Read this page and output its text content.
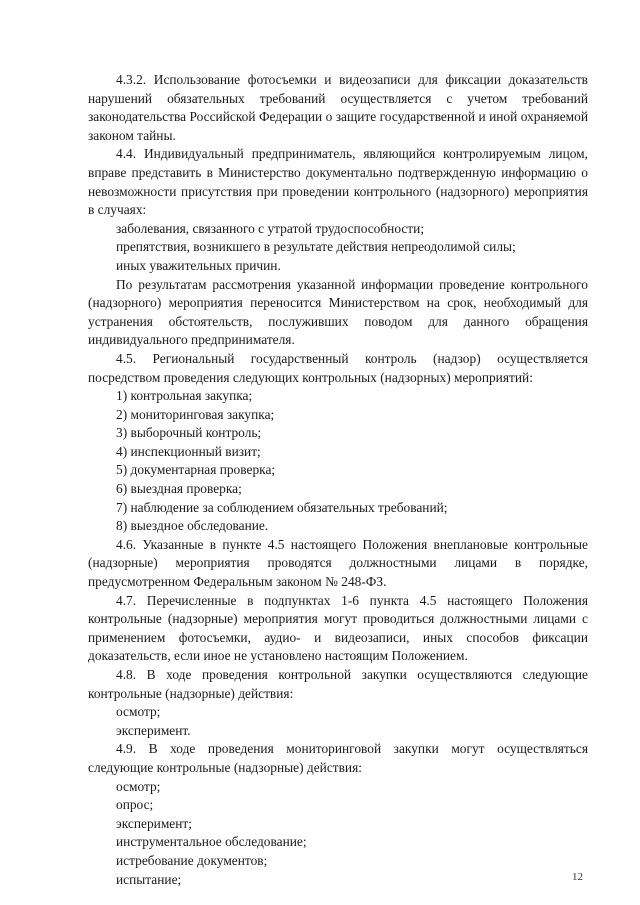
4.3.2. Использование фотосъемки и видеозаписи для фиксации доказательств нарушений обязательных требований осуществляется с учетом требований законодательства Российской Федерации о защите государственной и иной охраняемой законом тайны.

4.4. Индивидуальный предприниматель, являющийся контролируемым лицом, вправе представить в Министерство документально подтвержденную информацию о невозможности присутствия при проведении контрольного (надзорного) мероприятия в случаях:

заболевания, связанного с утратой трудоспособности;

препятствия, возникшего в результате действия непреодолимой силы;

иных уважительных причин.

По результатам рассмотрения указанной информации проведение контрольного (надзорного) мероприятия переносится Министерством на срок, необходимый для устранения обстоятельств, послуживших поводом для данного обращения индивидуального предпринимателя.

4.5. Региональный государственный контроль (надзор) осуществляется посредством проведения следующих контрольных (надзорных) мероприятий:

1) контрольная закупка;

2) мониторинговая закупка;

3) выборочный контроль;

4) инспекционный визит;

5) документарная проверка;

6) выездная проверка;

7) наблюдение за соблюдением обязательных требований;

8) выездное обследование.

4.6. Указанные в пункте 4.5 настоящего Положения внеплановые контрольные (надзорные) мероприятия проводятся должностными лицами в порядке, предусмотренном Федеральным законом № 248-ФЗ.

4.7. Перечисленные в подпунктах 1-6 пункта 4.5 настоящего Положения контрольные (надзорные) мероприятия могут проводиться должностными лицами с применением фотосъемки, аудио- и видеозаписи, иных способов фиксации доказательств, если иное не установлено настоящим Положением.

4.8. В ходе проведения контрольной закупки осуществляются следующие контрольные (надзорные) действия:

осмотр;

эксперимент.

4.9. В ходе проведения мониторинговой закупки могут осуществляться следующие контрольные (надзорные) действия:

осмотр;

опрос;

эксперимент;

инструментальное обследование;

истребование документов;

испытание;	12
